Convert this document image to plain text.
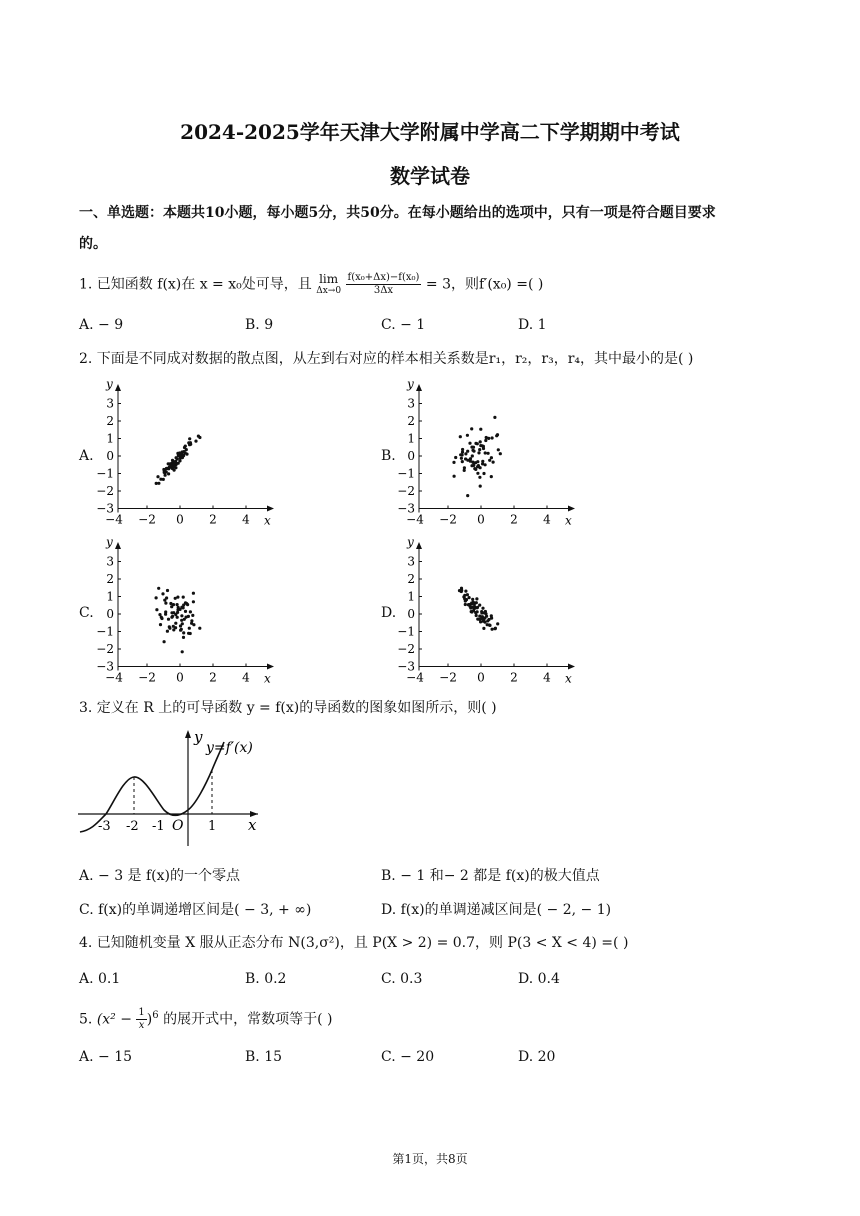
2024-2025学年天津大学附属中学高二下学期期中考试
数学试卷
一、单选题：本题共10小题，每小题5分，共50分。在每小题给出的选项中，只有一项是符合题目要求
的。
1. 已知函数 f(x)在 x = x₀处可导，且 lim
Δx→0
$\frac{\text{f(x₀+Δx)−f(x₀)}}{3\Delta x} = 3$，则f′(x₀) =( )
A. − 9	B. 9	C. − 1	D. 1
2. 下面是不同成对数据的散点图，从左到右对应的样本相关系数是r₁，r₂，r₃，r₄，其中最小的是( )
A.	B.
C.	D.
y
x
3
2
1
0
−1
−2
−3
−4 −2 0 2 4
y
x
3
2
1
0
−1
−2
−3
−4 −2 0 2 4
y
x
3
2
1
0
−1
−2
−3
−4 −2 0 2 4
y
x
3
2
1
0
−1
−2
−3
−4 −2 0 2 4
3. 定义在 R 上的可导函数 y = f(x)的导函数的图象如图所示，则( )
y
x
y=f′(x)
O
-3 -2 -1	1
A. − 3 是 f(x)的一个零点	B. − 1 和− 2 都是 f(x)的极大值点
C. f(x)的单调递增区间是( − 3, + ∞)	D. f(x)的单调递减区间是( − 2, − 1)
4. 已知随机变量 X 服从正态分布 N(3,σ²)，且 P(X > 2) = 0.7，则 P(3 < X < 4) =( )
A. 0.1	B. 0.2	C. 0.3	D. 0.4
5. $(x^2 - \frac{1}{x} )^6$ 的展开式中，常数项等于( )
A. − 15	B. 15	C. − 20	D. 20
第1页，共8页
